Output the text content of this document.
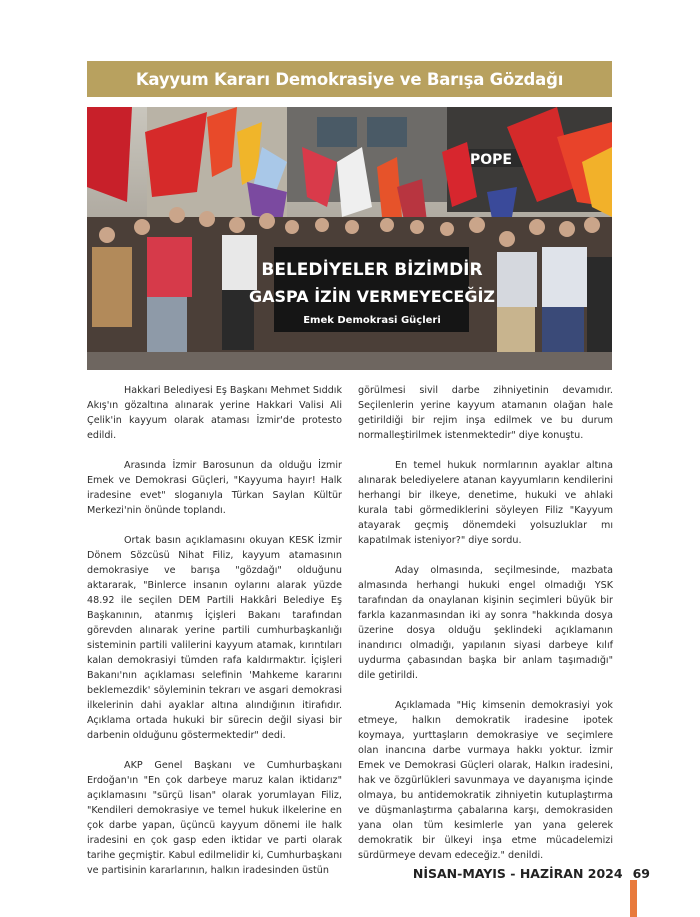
Kayyum Kararı Demokrasiye ve Barışa Gözdağı
POPE
BELEDİYELER BİZİMDİR
GASPA İZİN VERMEYECEĞİZ
Emek Demokrasi Güçleri

Hakkari Belediyesi Eş Başkanı Mehmet Sıddık Akış'ın gözaltına alınarak yerine Hakkari Valisi Ali Çelik'in kayyum olarak ataması İzmir'de protesto edildi.

Arasında İzmir Barosunun da olduğu İzmir Emek ve Demokrasi Güçleri, "Kayyuma hayır! Halk iradesine evet" sloganıyla Türkan Saylan Kültür Merkezi'nin önünde toplandı.

Ortak basın açıklamasını okuyan KESK İzmir Dönem Sözcüsü Nihat Filiz, kayyum atamasının demokrasiye ve barışa "gözdağı" olduğunu aktararak, "Binlerce insanın oylarını alarak yüzde 48.92 ile seçilen DEM Partili Hakkâri Belediye Eş Başkanının, atanmış İçişleri Bakanı tarafından görevden alınarak yerine partili cumhurbaşkanlığı sisteminin partili valilerini kayyum atamak, kırıntıları kalan demokrasiyi tümden rafa kaldırmaktır. İçişleri Bakanı'nın açıklaması selefinin 'Mahkeme kararını beklemezdik' söyleminin tekrarı ve asgari demokrasi ilkelerinin dahi ayaklar altına alındığının itirafıdır. Açıklama ortada hukuki bir sürecin değil siyasi bir darbenin olduğunu göstermektedir" dedi.

AKP Genel Başkanı ve Cumhurbaşkanı Erdoğan'ın "En çok darbeye maruz kalan iktidarız" açıklamasını "sürçü lisan" olarak yorumlayan Filiz, "Kendileri demokrasiye ve temel hukuk ilkelerine en çok darbe yapan, üçüncü kayyum dönemi ile halk iradesini en çok gasp eden iktidar ve parti olarak tarihe geçmiştir. Kabul edilmelidir ki, Cumhurbaşkanı ve partisinin kararlarının, halkın iradesinden üstün

görülmesi sivil darbe zihniyetinin devamıdır. Seçilenlerin yerine kayyum atamanın olağan hale getirildiği bir rejim inşa edilmek ve bu durum normalleştirilmek istenmektedir" diye konuştu.

En temel hukuk normlarının ayaklar altına alınarak belediyelere atanan kayyumların kendilerini herhangi bir ilkeye, denetime, hukuki ve ahlaki kurala tabi görmediklerini söyleyen Filiz "Kayyum atayarak geçmiş dönemdeki yolsuzluklar mı kapatılmak isteniyor?" diye sordu.

Aday olmasında, seçilmesinde, mazbata almasında herhangi hukuki engel olmadığı YSK tarafından da onaylanan kişinin seçimleri büyük bir farkla kazanmasından iki ay sonra "hakkında dosya üzerine dosya olduğu şeklindeki açıklamanın inandırıcı olmadığı, yapılanın siyasi darbeye kılıf uydurma çabasından başka bir anlam taşımadığı" dile getirildi.

Açıklamada "Hiç kimsenin demokrasiyi yok etmeye, halkın demokratik iradesine ipotek koymaya, yurttaşların demokrasiye ve seçimlere olan inancına darbe vurmaya hakkı yoktur. İzmir Emek ve Demokrasi Güçleri olarak, Halkın iradesini, hak ve özgürlükleri savunmaya ve dayanışma içinde olmaya, bu antidemokratik zihniyetin kutuplaştırma ve düşmanlaştırma çabalarına karşı, demokrasiden yana olan tüm kesimlerle yan yana gelerek demokratik bir ülkeyi inşa etme mücadelemizi sürdürmeye devam edeceğiz." denildi.

NİSAN-MAYIS - HAZİRAN 2024 69
